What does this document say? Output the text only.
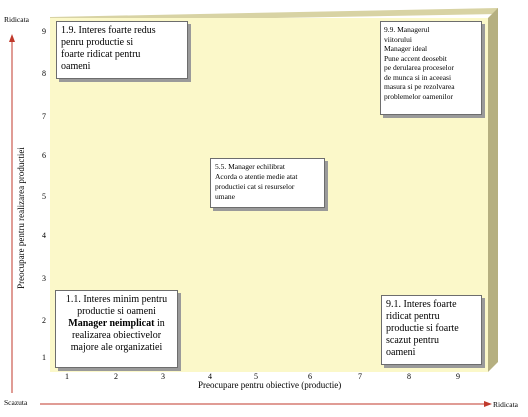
Ridicata
Scazuta	Ridicata
Preocupare pentru realizarea productiei
9
8
7
6
5
4
3
2
1
1	2	3	4	5	6	7	8	9
Preocupare pentru obiective (productie)
1.9. Interes foarte redus
penru productie si
foarte ridicat pentru
oameni
9.9. Managerul
viitorului
Manager ideal
Pune accent deosebit
pe derularea proceselor
de munca si in aceeasi
masura si pe rezolvarea
problemelor oamenilor
5.5. Manager echilibrat
Acorda o atentie medie atat
productiei cat si resurselor
umane
1.1. Interes minim pentru
productie si oameni
Manager neimplicat in
realizarea obiectivelor
majore ale organizatiei
9.1. Interes foarte
ridicat pentru
productie si foarte
scazut pentru
oameni
